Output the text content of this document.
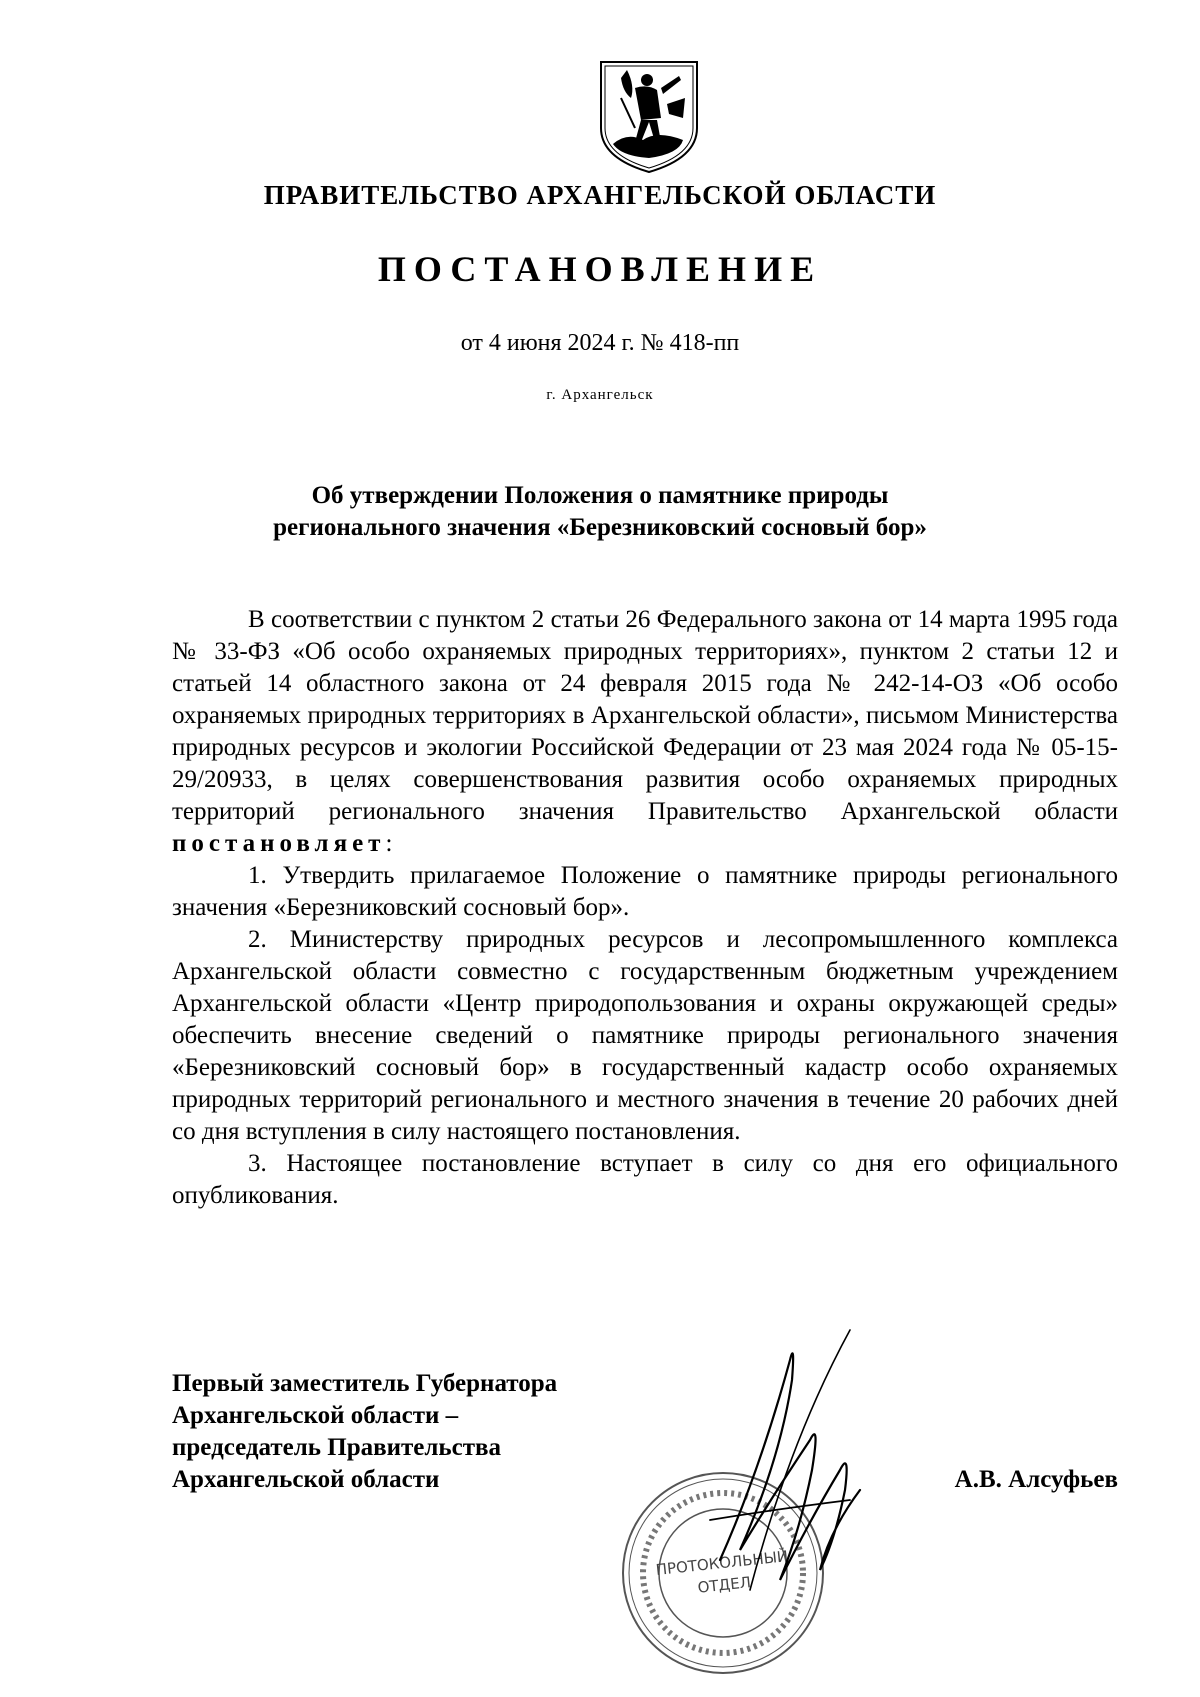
ПРАВИТЕЛЬСТВО АРХАНГЕЛЬСКОЙ ОБЛАСТИ
ПОСТАНОВЛЕНИЕ
от 4 июня 2024 г. № 418-пп
г. Архангельск
Об утверждении Положения о памятнике природы
регионального значения «Березниковский сосновый бор»

В соответствии с пунктом 2 статьи 26 Федерального закона от 14 марта 1995 года № 33-ФЗ «Об особо охраняемых природных территориях», пунктом 2 статьи 12 и статьей 14 областного закона от 24 февраля 2015 года № 242-14-ОЗ «Об особо охраняемых природных территориях в Архангельской области», письмом Министерства природных ресурсов и экологии Российской Федерации от 23 мая 2024 года № 05-15-29/20933, в целях совершенствования развития особо охраняемых природных территорий регионального значения Правительство Архангельской области постановляет:

1. Утвердить прилагаемое Положение о памятнике природы регионального значения «Березниковский сосновый бор».

2. Министерству природных ресурсов и лесопромышленного комплекса Архангельской области совместно с государственным бюджетным учреждением Архангельской области «Центр природопользования и охраны окружающей среды» обеспечить внесение сведений о памятнике природы регионального значения «Березниковский сосновый бор» в государственный кадастр особо охраняемых природных территорий регионального и местного значения в течение 20 рабочих дней со дня вступления в силу настоящего постановления.

3. Настоящее постановление вступает в силу со дня его официального опубликования.

Первый заместитель Губернатора
Архангельской области –
председатель Правительства
Архангельской области	А.В. Алсуфьев
ПРОТОКОЛЬНЫЙ
ОТДЕЛ
